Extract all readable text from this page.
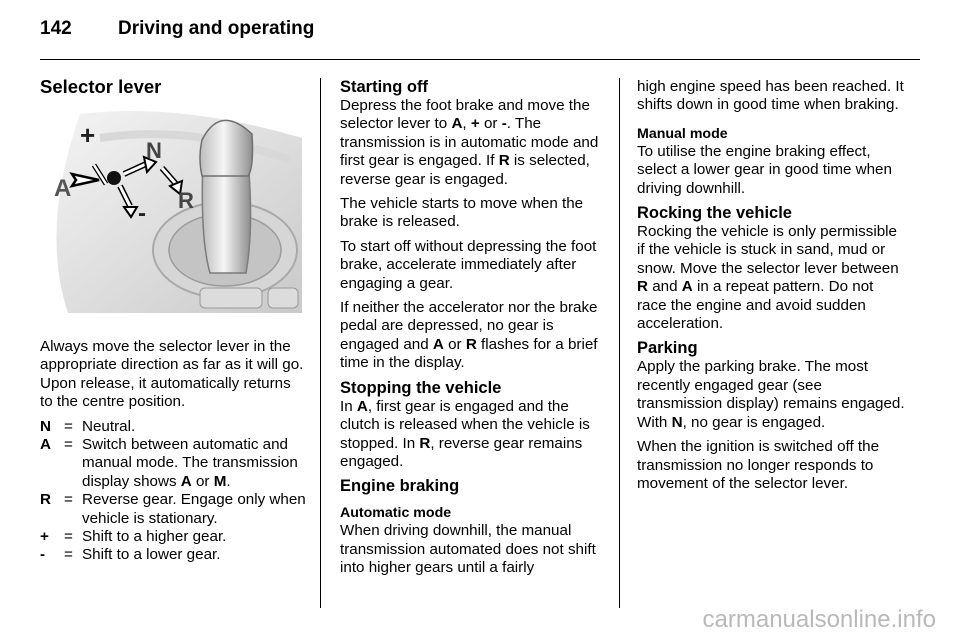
142 Driving and operating
Selector lever
+
A
N
R
-

Always move the selector lever in the appropriate direction as far as it will go. Upon release, it automatically returns to the centre position.

N = Neutral.
A = Switch between automatic and manual mode. The transmission display shows A or M.
R = Reverse gear. Engage only when vehicle is stationary.
+ = Shift to a higher gear.
-	= Shift to a lower gear.
Starting off

Depress the foot brake and move the selector lever to A, + or -. The transmission is in automatic mode and first gear is engaged. If R is selected, reverse gear is engaged.

The vehicle starts to move when the brake is released.

To start off without depressing the foot brake, accelerate immediately after engaging a gear.

If neither the accelerator nor the brake pedal are depressed, no gear is engaged and A or R flashes for a brief time in the display.

Stopping the vehicle

In A, first gear is engaged and the clutch is released when the vehicle is stopped. In R, reverse gear remains engaged.

Engine braking
Automatic mode

When driving downhill, the manual transmission automated does not shift into higher gears until a fairly

high engine speed has been reached. It shifts down in good time when braking.

Manual mode

To utilise the engine braking effect, select a lower gear in good time when driving downhill.

Rocking the vehicle

Rocking the vehicle is only permissible if the vehicle is stuck in sand, mud or snow. Move the selector lever between R and A in a repeat pattern. Do not race the engine and avoid sudden acceleration.

Parking

Apply the parking brake. The most recently engaged gear (see transmission display) remains engaged. With N, no gear is engaged.

When the ignition is switched off the transmission no longer responds to movement of the selector lever.

carmanualsonline.info
